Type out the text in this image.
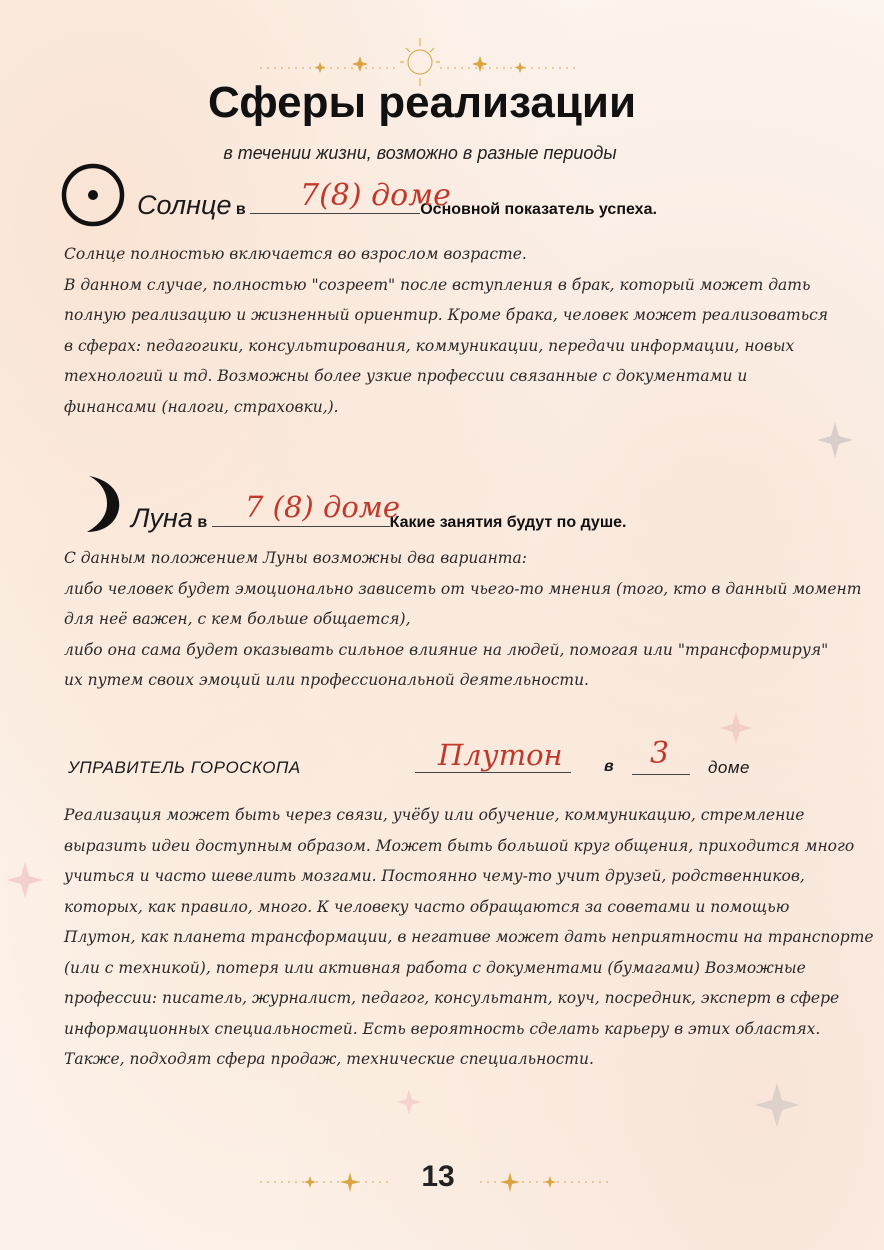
Сферы реализации
в течении жизни, возможно в разные периоды
Солнце в	Основной показатель успеха.
7(8) доме
Солнце полностью включается во взрослом возрасте.
В данном случае, полностью "созреет" после вступления в брак, который может дать
полную реализацию и жизненный ориентир. Кроме брака, человек может реализоваться
в сферах: педагогики, консультирования, коммуникации, передачи информации, новых
технологий и тд. Возможны более узкие профессии связанные с документами и
финансами (налоги, страховки,).
Луна в	Какие занятия будут по душе.
7 (8) доме
С данным положением Луны возможны два варианта:
либо человек будет эмоционально зависеть от чьего-то мнения (того, кто в данный момент
для неё важен, с кем больше общается),
либо она сама будет оказывать сильное влияние на людей, помогая или "трансформируя"
их путем своих эмоций или профессиональной деятельности.
УПРАВИТЕЛЬ ГОРОСКОПА	Плутон	в 3 доме
Реализация может быть через связи, учёбу или обучение, коммуникацию, стремление
выразить идеи доступным образом. Может быть большой круг общения, приходится много
учиться и часто шевелить мозгами. Постоянно чему-то учит друзей, родственников,
которых, как правило, много. К человеку часто обращаются за советами и помощью
Плутон, как планета трансформации, в негативе может дать неприятности на транспорте
(или с техникой), потеря или активная работа с документами (бумагами) Возможные
профессии: писатель, журналист, педагог, консультант, коуч, посредник, эксперт в сфере
информационных специальностей. Есть вероятность сделать карьеру в этих областях.
Также, подходят сфера продаж, технические специальности.
13
